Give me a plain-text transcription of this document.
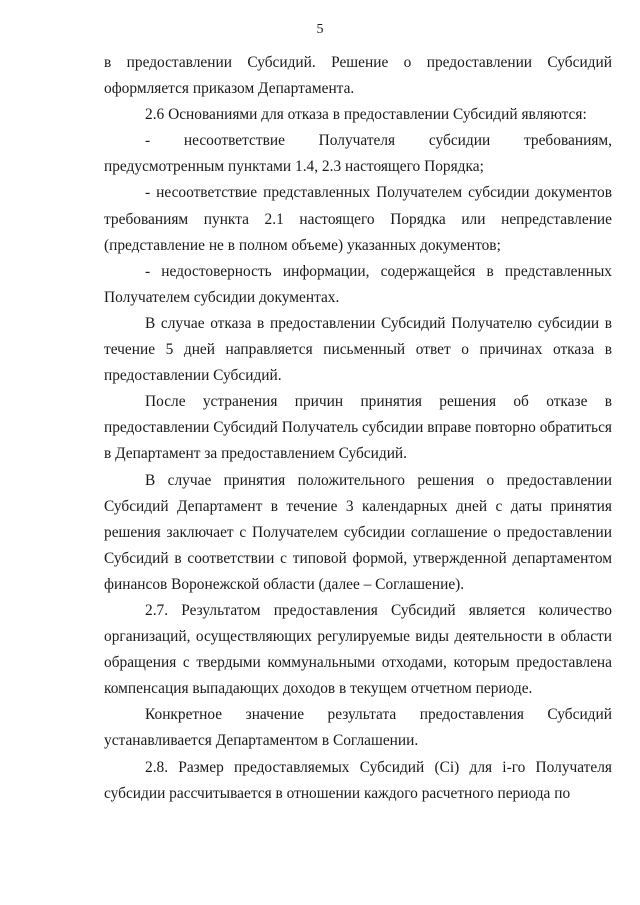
5

в предоставлении Субсидий. Решение о предоставлении Субсидий оформляется приказом Департамента.

2.6 Основаниями для отказа в предоставлении Субсидий являются:

- несоответствие Получателя субсидии требованиям, предусмотренным пунктами 1.4, 2.3 настоящего Порядка;

- несоответствие представленных Получателем субсидии документов требованиям пункта 2.1 настоящего Порядка или непредставление (представление не в полном объеме) указанных документов;

- недостоверность информации, содержащейся в представленных Получателем субсидии документах.

В случае отказа в предоставлении Субсидий Получателю субсидии в течение 5 дней направляется письменный ответ о причинах отказа в предоставлении Субсидий.

После устранения причин принятия решения об отказе в предоставлении Субсидий Получатель субсидии вправе повторно обратиться в Департамент за предоставлением Субсидий.

В случае принятия положительного решения о предоставлении Субсидий Департамент в течение 3 календарных дней с даты принятия решения заключает с Получателем субсидии соглашение о предоставлении Субсидий в соответствии с типовой формой, утвержденной департаментом финансов Воронежской области (далее – Соглашение).

2.7. Результатом предоставления Субсидий является количество организаций, осуществляющих регулируемые виды деятельности в области обращения с твердыми коммунальными отходами, которым предоставлена компенсация выпадающих доходов в текущем отчетном периоде.

Конкретное значение результата предоставления Субсидий устанавливается Департаментом в Соглашении.

2.8. Размер предоставляемых Субсидий (Ci) для i-го Получателя субсидии рассчитывается в отношении каждого расчетного периода по
